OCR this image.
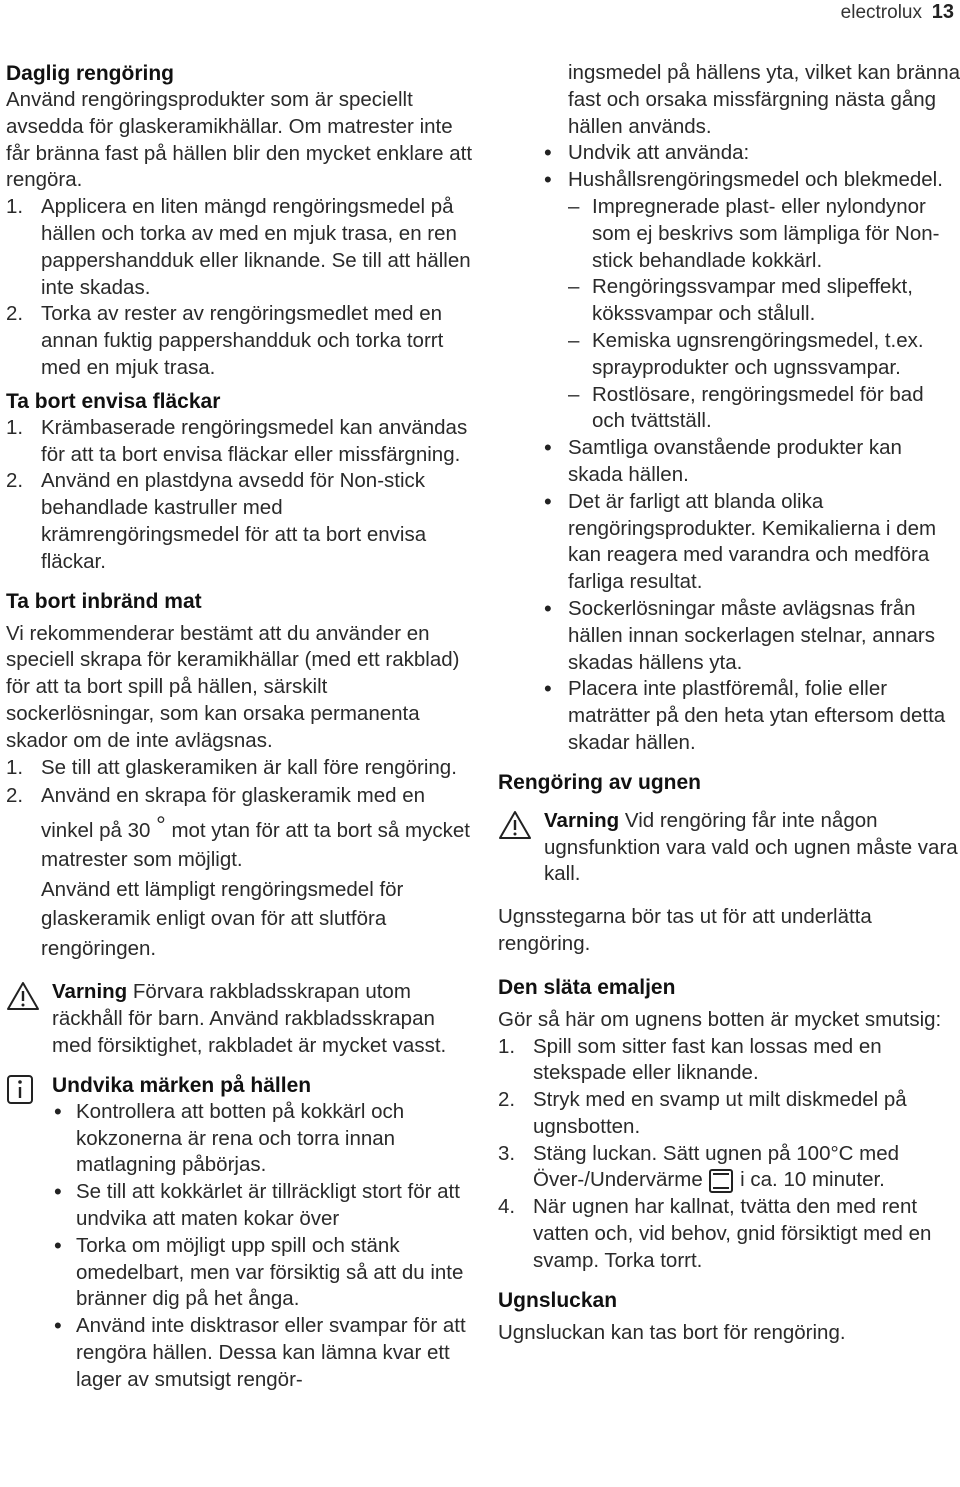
electrolux 13
Daglig rengöring

Använd rengöringsprodukter som är speciellt avsedda för glaskeramikhällar. Om matrester inte får bränna fast på hällen blir den mycket enklare att rengöra.

1. Applicera en liten mängd rengöringsmedel på hällen och torka av med en mjuk trasa, en ren pappershandduk eller liknande. Se till att hällen inte skadas.
2. Torka av rester av rengöringsmedlet med en annan fuktig pappershandduk och torka torrt med en mjuk trasa.
Ta bort envisa fläckar
1. Krämbaserade rengöringsmedel kan användas för att ta bort envisa fläckar eller missfärgning.
2. Använd en plastdyna avsedd för Non-stick behandlade kastruller med krämrengöringsmedel för att ta bort envisa fläckar.
Ta bort inbränd mat

Vi rekommenderar bestämt att du använder en speciell skrapa för keramikhällar (med ett rakblad) för att ta bort spill på hällen, särskilt sockerlösningar, som kan orsaka permanenta skador om de inte avlägsnas.

1. Se till att glaskeramiken är kall före rengöring.
2. Använd en skrapa för glaskeramik med en vinkel på 30 ° mot ytan för att ta bort så mycket matrester som möjligt.
Använd ett lämpligt rengöringsmedel för glaskeramik enligt ovan för att slutföra rengöringen.

Varning Förvara rakbladsskrapan utom räckhåll för barn. Använd rakbladsskrapan med försiktighet, rakbladet är mycket vasst.

Undvika märken på hällen
• Kontrollera att botten på kokkärl och kokzonerna är rena och torra innan matlagning påbörjas.
• Se till att kokkärlet är tillräckligt stort för att undvika att maten kokar över
• Torka om möjligt upp spill och stänk omedelbart, men var försiktig så att du inte bränner dig på het ånga.
• Använd inte disktrasor eller svampar för att rengöra hällen. Dessa kan lämna kvar ett lager av smutsigt rengör-

ingsmedel på hällens yta, vilket kan bränna fast och orsaka missfärgning nästa gång hällen används.

• Undvik att använda:
• Hushållsrengöringsmedel och blekmedel.
– Impregnerade plast- eller nylondynor som ej beskrivs som lämpliga för Non-stick behandlade kokkärl.
– Rengöringssvampar med slipeffekt, kökssvampar och stålull.
– Kemiska ugnsrengöringsmedel, t.ex. sprayprodukter och ugnssvampar.
– Rostlösare, rengöringsmedel för bad och tvättställ.
• Samtliga ovanstående produkter kan skada hällen.
• Det är farligt att blanda olika rengöringsprodukter. Kemikalierna i dem kan reagera med varandra och medföra farliga resultat.
• Sockerlösningar måste avlägsnas från hällen innan sockerlagen stelnar, annars skadas hällens yta.
• Placera inte plastföremål, folie eller maträtter på den heta ytan eftersom detta skadar hällen.
Rengöring av ugnen

Varning Vid rengöring får inte någon ugnsfunktion vara vald och ugnen måste vara kall.

Ugnsstegarna bör tas ut för att underlätta rengöring.

Den släta emaljen

Gör så här om ugnens botten är mycket smutsig:

1. Spill som sitter fast kan lossas med en stekspade eller liknande.
2. Stryk med en svamp ut milt diskmedel på ugnsbotten.
3. Stäng luckan. Sätt ugnen på 100°C med Över-/Undervärme i ca. 10 minuter.
4. När ugnen har kallnat, tvätta den med rent vatten och, vid behov, gnid försiktigt med en svamp. Torka torrt.
Ugnsluckan

Ugnsluckan kan tas bort för rengöring.
